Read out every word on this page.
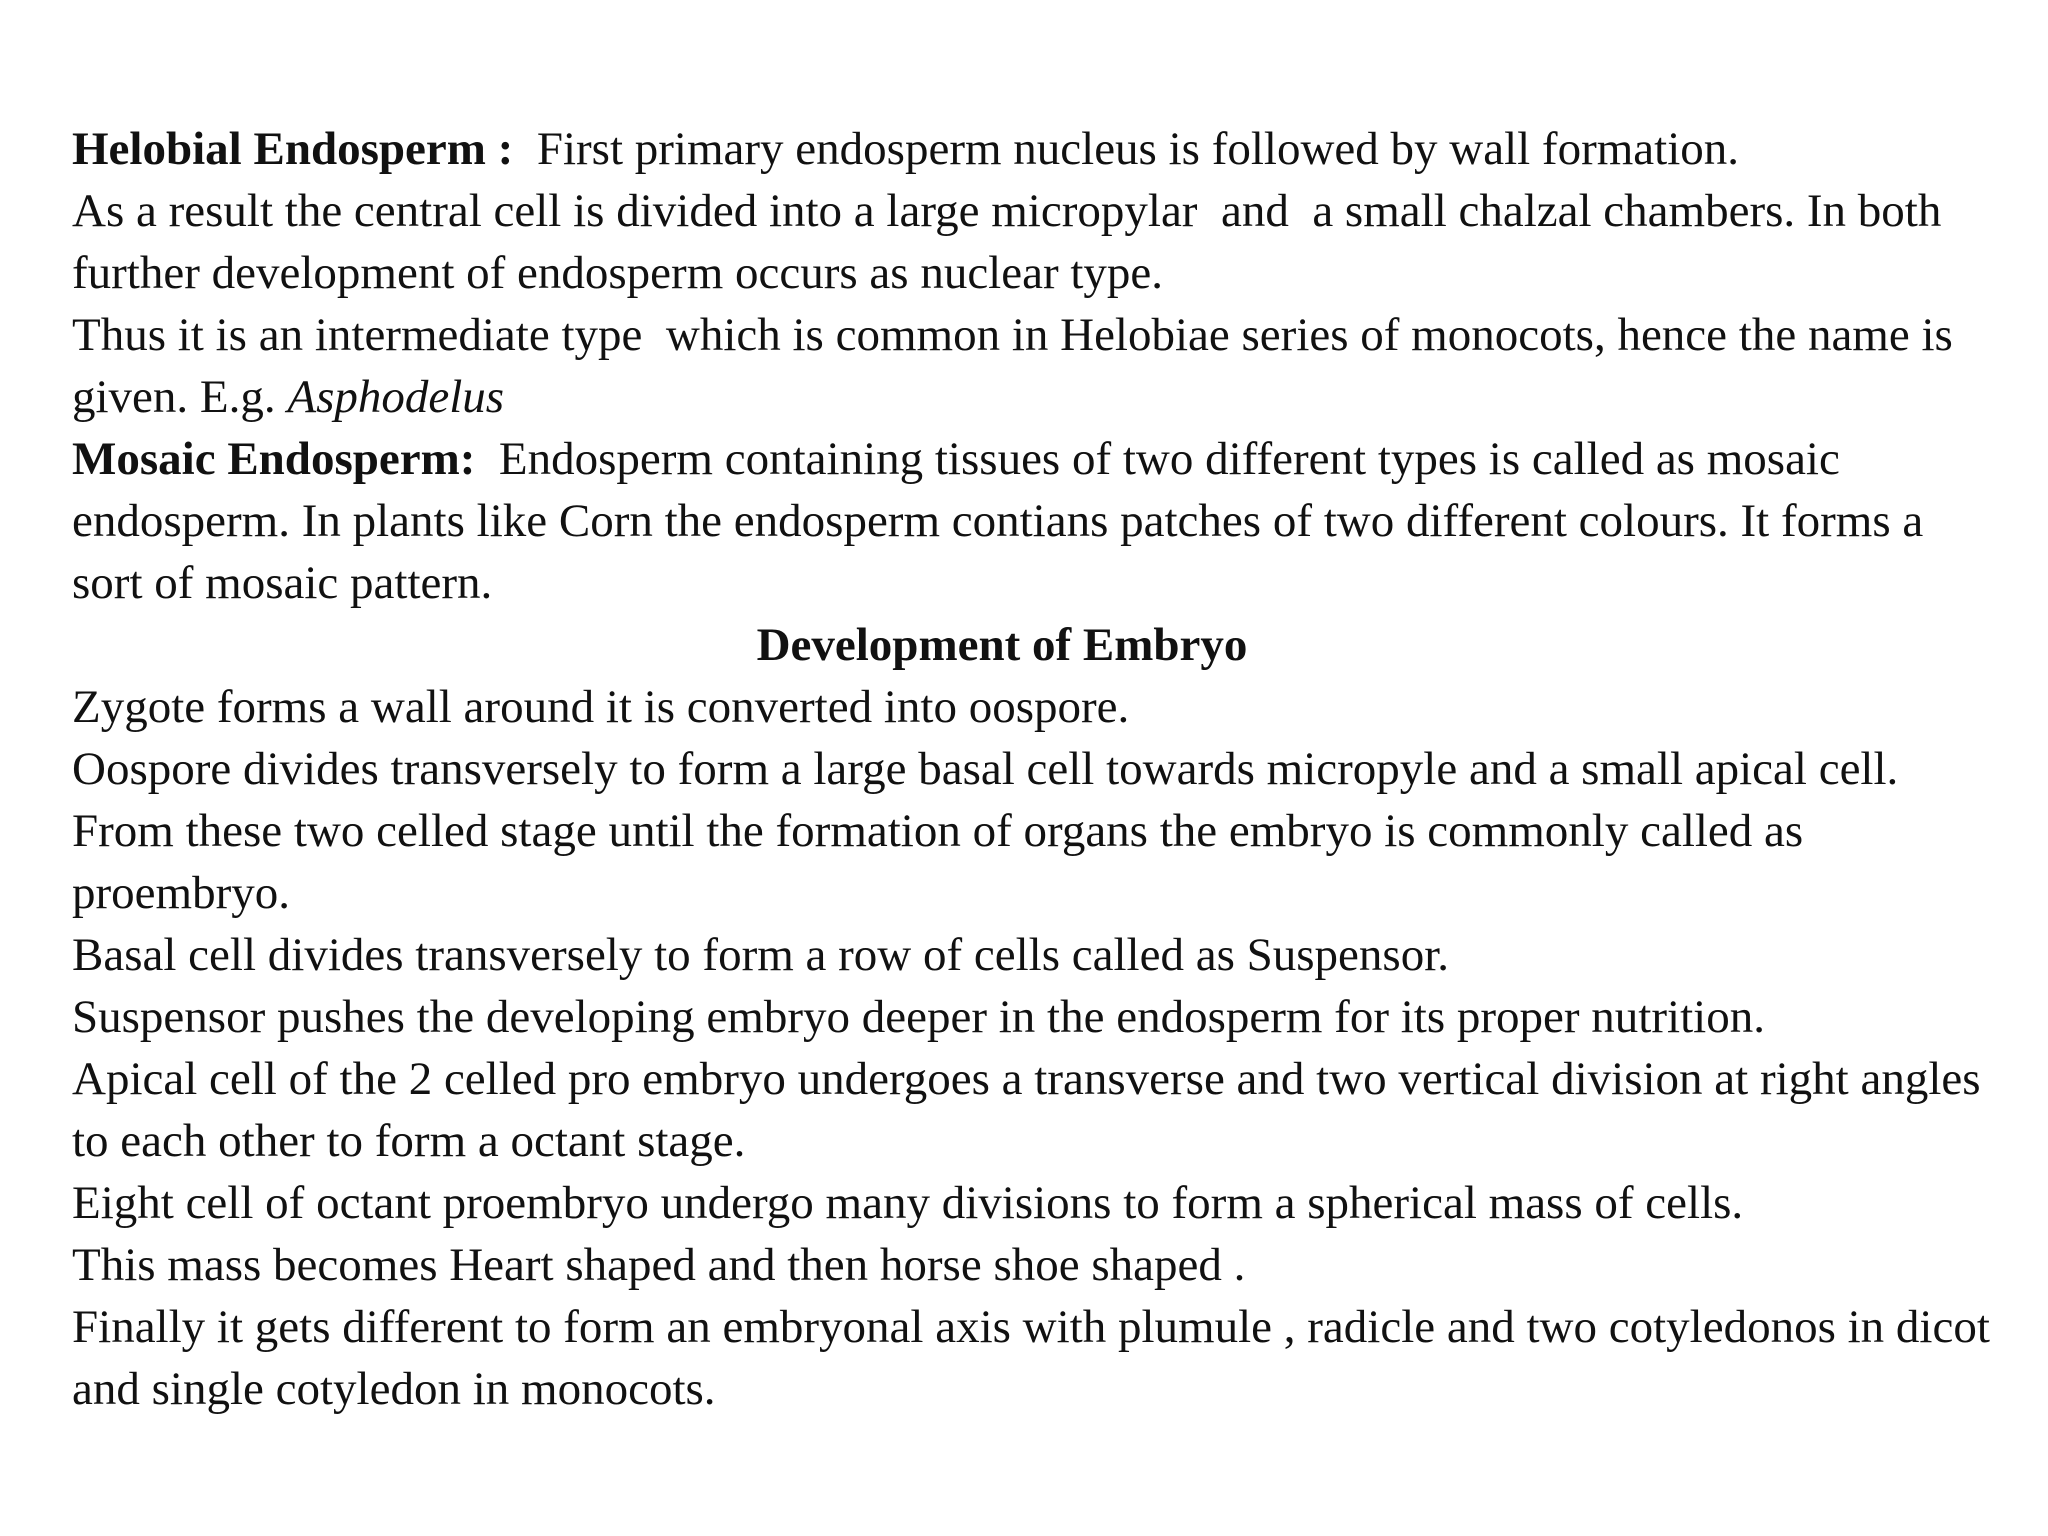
Helobial Endosperm :  First primary endosperm nucleus is followed by wall formation.
As a result the central cell is divided into a large micropylar  and  a small chalzal chambers. In both further development of endosperm occurs as nuclear type.

Thus it is an intermediate type  which is common in Helobiae series of monocots, hence the name is given. E.g. Asphodelus

Mosaic Endosperm:  Endosperm containing tissues of two different types is called as mosaic endosperm. In plants like Corn the endosperm contians patches of two different colours. It forms a sort of mosaic pattern.

Development of Embryo

Zygote forms a wall around it is converted into oospore.

Oospore divides transversely to form a large basal cell towards micropyle and a small apical cell.

From these two celled stage until the formation of organs the embryo is commonly called as proembryo.

Basal cell divides transversely to form a row of cells called as Suspensor.

Suspensor pushes the developing embryo deeper in the endosperm for its proper nutrition.

Apical cell of the 2 celled pro embryo undergoes a transverse and two vertical division at right angles to each other to form a octant stage.

Eight cell of octant proembryo undergo many divisions to form a spherical mass of cells.

This mass becomes Heart shaped and then horse shoe shaped .

Finally it gets different to form an embryonal axis with plumule , radicle and two cotyledonos in dicot and single cotyledon in monocots.
